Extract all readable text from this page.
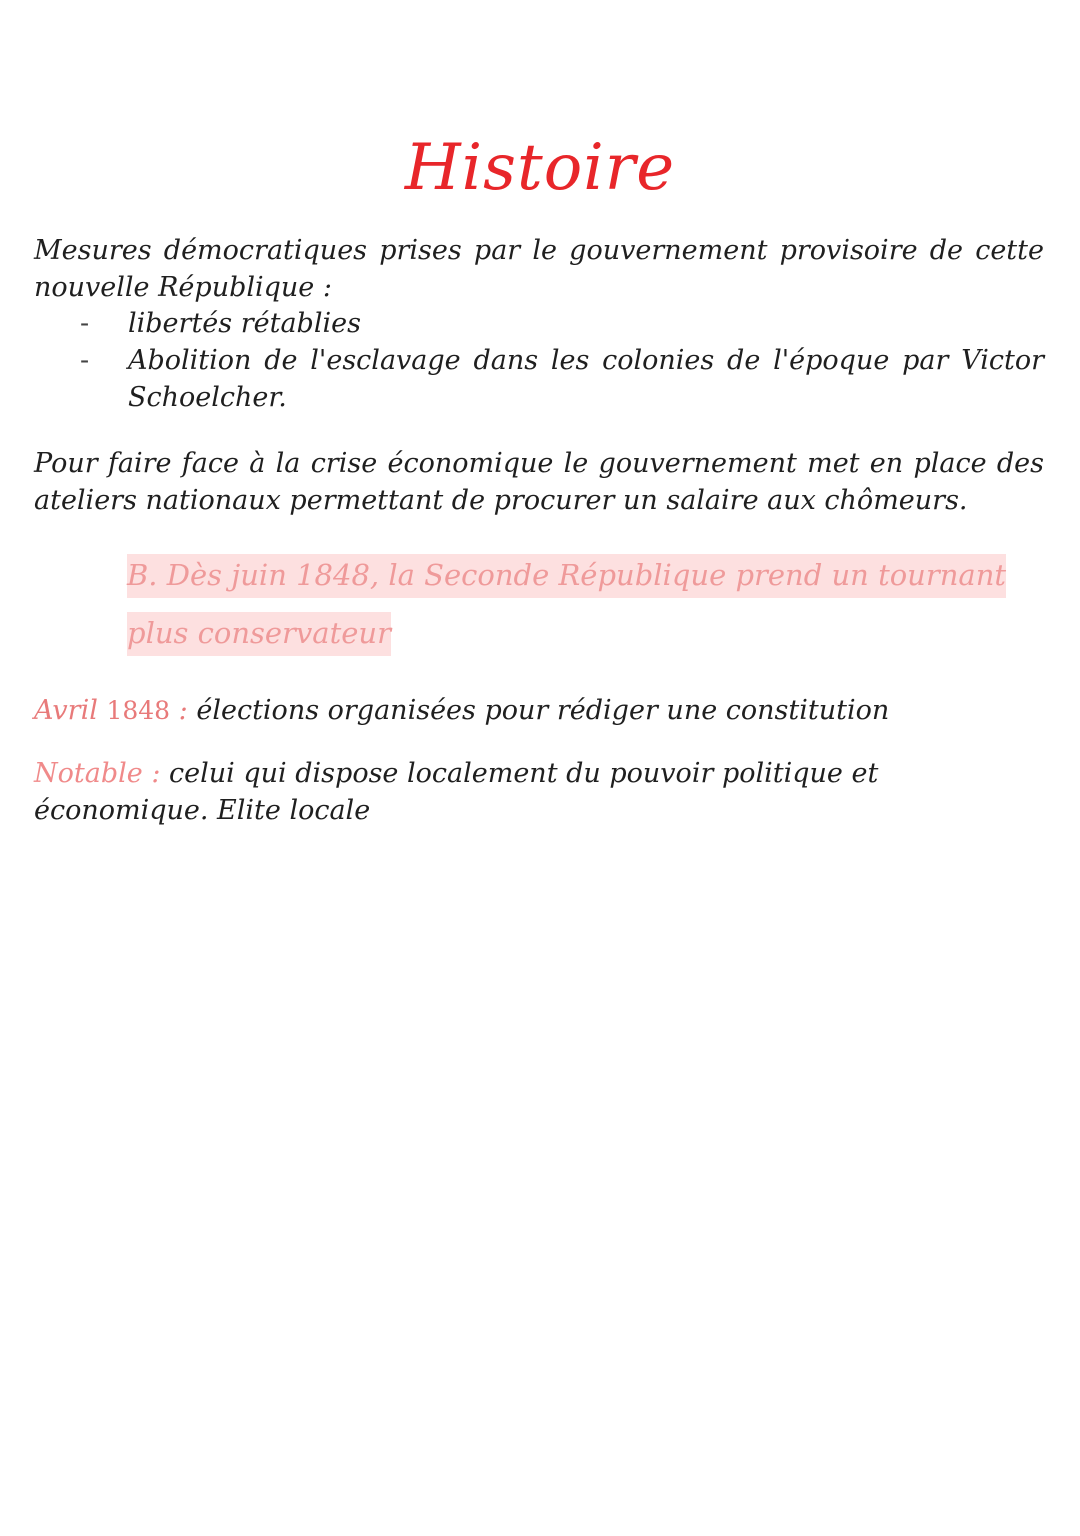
Histoire
Mesures démocratiques prises par le gouvernement provisoire de cette nouvelle République :
- libertés rétablies
- Abolition de l'esclavage dans les colonies de l'époque par Victor Schoelcher.
Pour faire face à la crise économique le gouvernement met en place des ateliers nationaux permettant de procurer un salaire aux chômeurs.
B. Dès juin 1848, la Seconde République prend un tournant plus conservateur
Avril 1848 : élections organisées pour rédiger une constitution
Notable : celui qui dispose localement du pouvoir politique et économique. Elite locale
